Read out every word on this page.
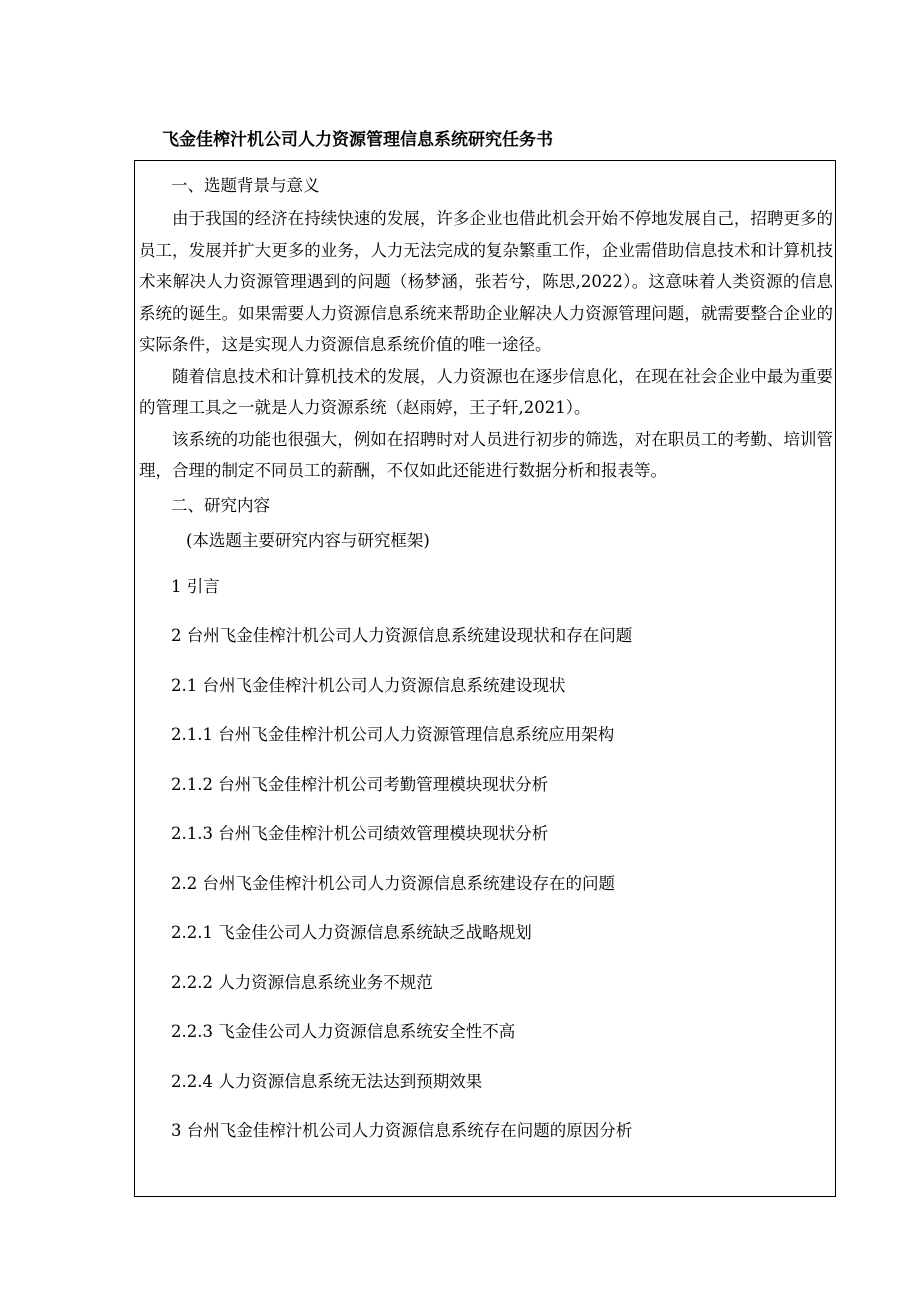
飞金佳榨汁机公司人力资源管理信息系统研究任务书
一、选题背景与意义

由于我国的经济在持续快速的发展，许多企业也借此机会开始不停地发展自己，招聘更多的员工，发展并扩大更多的业务，人力无法完成的复杂繁重工作，企业需借助信息技术和计算机技术来解决人力资源管理遇到的问题（杨梦涵，张若兮，陈思,2022）。这意味着人类资源的信息系统的诞生。如果需要人力资源信息系统来帮助企业解决人力资源管理问题，就需要整合企业的实际条件，这是实现人力资源信息系统价值的唯一途径。

随着信息技术和计算机技术的发展，人力资源也在逐步信息化，在现在社会企业中最为重要的管理工具之一就是人力资源系统（赵雨婷，王子轩,2021）。

该系统的功能也很强大，例如在招聘时对人员进行初步的筛选，对在职员工的考勤、培训管理，合理的制定不同员工的薪酬，不仅如此还能进行数据分析和报表等。

二、研究内容
(本选题主要研究内容与研究框架)
1 引言
2 台州飞金佳榨汁机公司人力资源信息系统建设现状和存在问题
2.1 台州飞金佳榨汁机公司人力资源信息系统建设现状
2.1.1 台州飞金佳榨汁机公司人力资源管理信息系统应用架构
2.1.2 台州飞金佳榨汁机公司考勤管理模块现状分析
2.1.3 台州飞金佳榨汁机公司绩效管理模块现状分析
2.2 台州飞金佳榨汁机公司人力资源信息系统建设存在的问题
2.2.1 飞金佳公司人力资源信息系统缺乏战略规划
2.2.2 人力资源信息系统业务不规范
2.2.3 飞金佳公司人力资源信息系统安全性不高
2.2.4 人力资源信息系统无法达到预期效果
3 台州飞金佳榨汁机公司人力资源信息系统存在问题的原因分析
